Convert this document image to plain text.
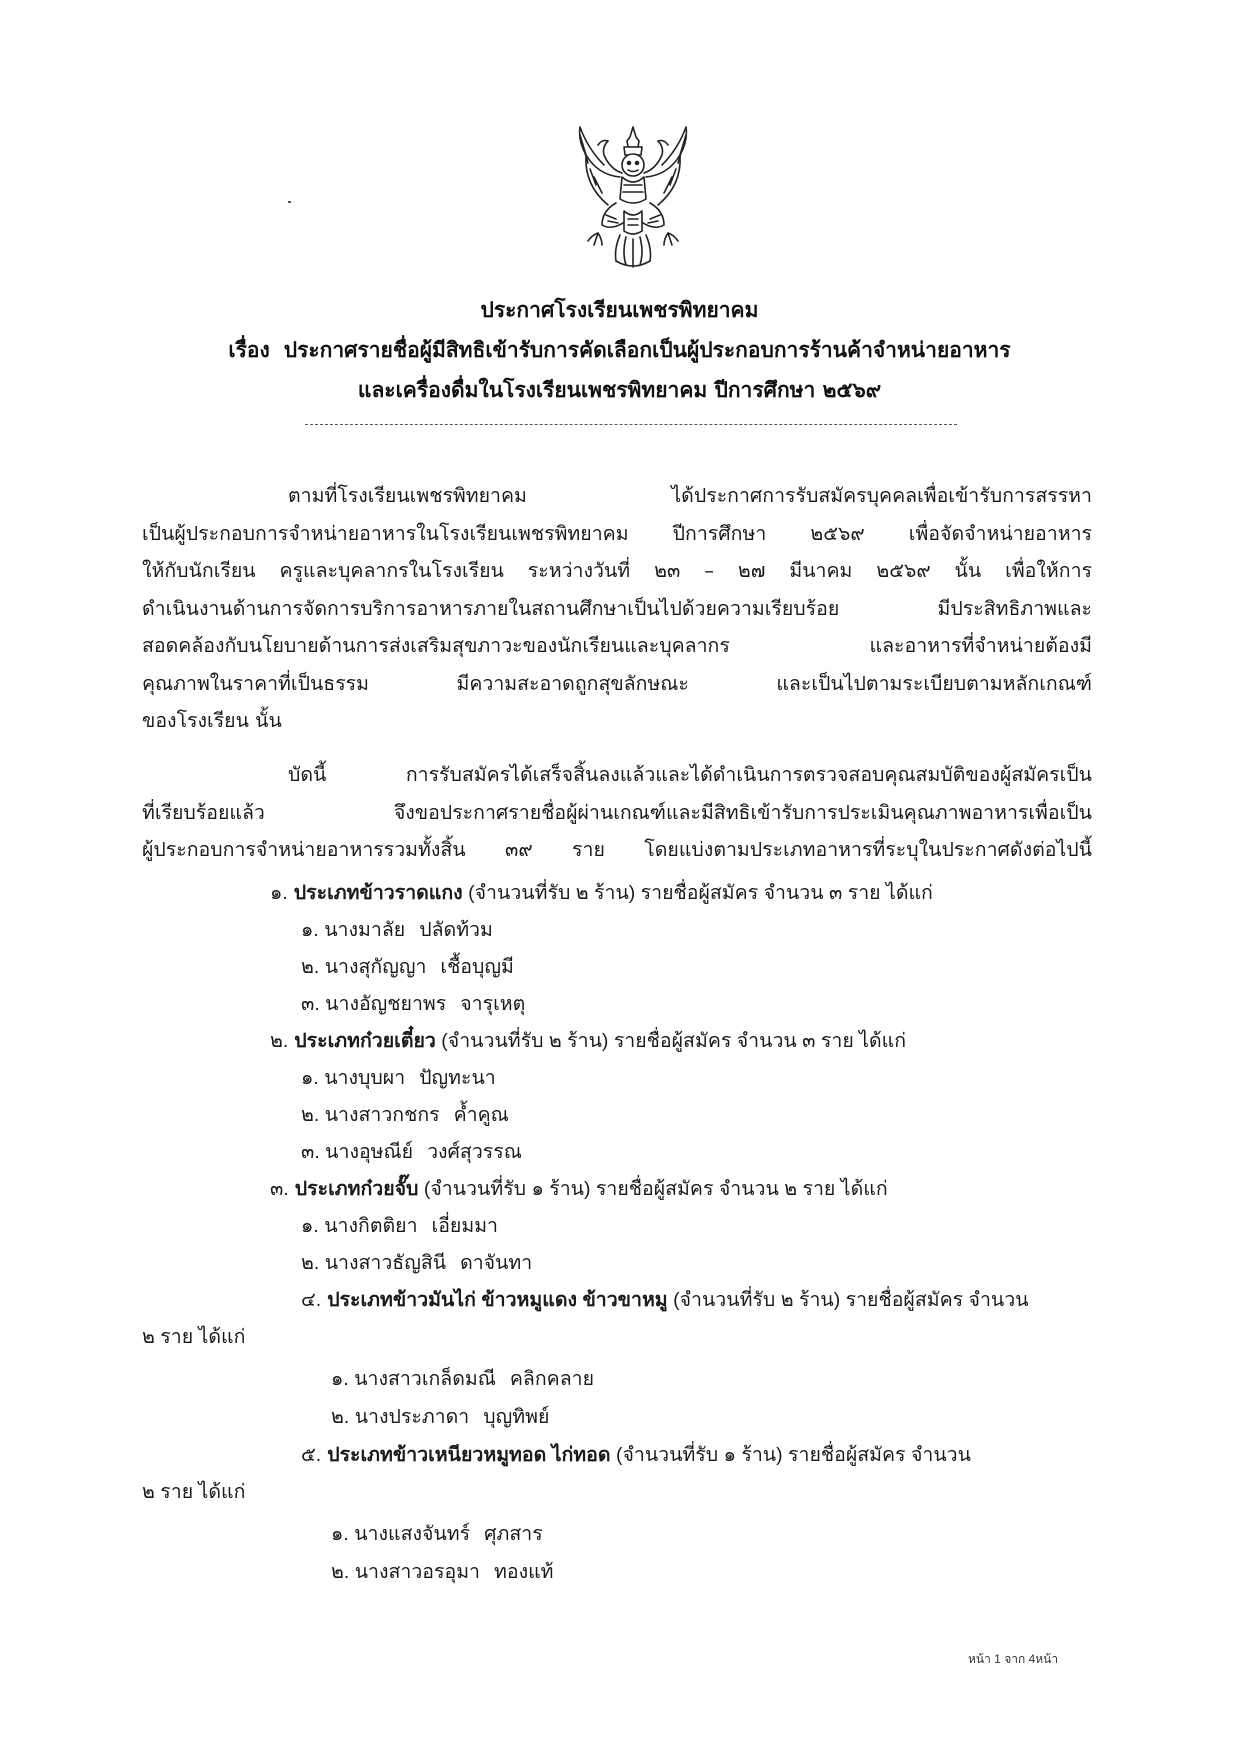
ประกาศโรงเรียนเพชรพิทยาคม
เรื่อง ประกาศรายชื่อผู้มีสิทธิเข้ารับการคัดเลือกเป็นผู้ประกอบการร้านค้าจำหน่ายอาหาร
และเครื่องดื่มในโรงเรียนเพชรพิทยาคม ปีการศึกษา ๒๕๖๙
ตามที่โรงเรียนเพชรพิทยาคม ได้ประกาศการรับสมัครบุคคลเพื่อเข้ารับการสรรหา
เป็นผู้ประกอบการจำหน่ายอาหารในโรงเรียนเพชรพิทยาคม ปีการศึกษา ๒๕๖๙ เพื่อจัดจำหน่ายอาหาร
ให้กับนักเรียน ครูและบุคลากรในโรงเรียน ระหว่างวันที่ ๒๓ – ๒๗ มีนาคม ๒๕๖๙ นั้น เพื่อให้การ
ดำเนินงานด้านการจัดการบริการอาหารภายในสถานศึกษาเป็นไปด้วยความเรียบร้อย มีประสิทธิภาพและ
สอดคล้องกับนโยบายด้านการส่งเสริมสุขภาวะของนักเรียนและบุคลากร และอาหารที่จำหน่ายต้องมี
คุณภาพในราคาที่เป็นธรรม มีความสะอาดถูกสุขลักษณะ และเป็นไปตามระเบียบตามหลักเกณฑ์
ของโรงเรียน นั้น
บัดนี้ การรับสมัครได้เสร็จสิ้นลงแล้วและได้ดำเนินการตรวจสอบคุณสมบัติของผู้สมัครเป็น
ที่เรียบร้อยแล้ว จึงขอประกาศรายชื่อผู้ผ่านเกณฑ์และมีสิทธิเข้ารับการประเมินคุณภาพอาหารเพื่อเป็น
ผู้ประกอบการจำหน่ายอาหารรวมทั้งสิ้น ๓๙ ราย โดยแบ่งตามประเภทอาหารที่ระบุในประกาศดังต่อไปนี้
๑. ประเภทข้าวราดแกง (จำนวนที่รับ ๒ ร้าน) รายชื่อผู้สมัคร จำนวน ๓ ราย ได้แก่
๑. นางมาลัย ปลัดท้วม
๒. นางสุกัญญา เชื้อบุญมี
๓. นางอัญชยาพร จารุเหตุ
๒. ประเภทก๋วยเตี๋ยว (จำนวนที่รับ ๒ ร้าน) รายชื่อผู้สมัคร จำนวน ๓ ราย ได้แก่
๑. นางบุบผา ปัญทะนา
๒. นางสาวกชกร ค้ำคูณ
๓. นางอุษณีย์ วงศ์สุวรรณ
๓. ประเภทก๋วยจั๊บ (จำนวนที่รับ ๑ ร้าน) รายชื่อผู้สมัคร จำนวน ๒ ราย ได้แก่
๑. นางกิตติยา เอี่ยมมา
๒. นางสาวธัญสินี ดาจันทา
๔. ประเภทข้าวมันไก่ ข้าวหมูแดง ข้าวขาหมู (จำนวนที่รับ ๒ ร้าน) รายชื่อผู้สมัคร จำนวน
๒ ราย ได้แก่
๑. นางสาวเกล็ดมณี คลิกคลาย
๒. นางประภาดา บุญทิพย์
๕. ประเภทข้าวเหนียวหมูทอด ไก่ทอด (จำนวนที่รับ ๑ ร้าน) รายชื่อผู้สมัคร จำนวน
๒ ราย ได้แก่
๑. นางแสงจันทร์ ศุภสาร
๒. นางสาวอรอุมา ทองแท้
หน้า 1 จาก 4หน้า
